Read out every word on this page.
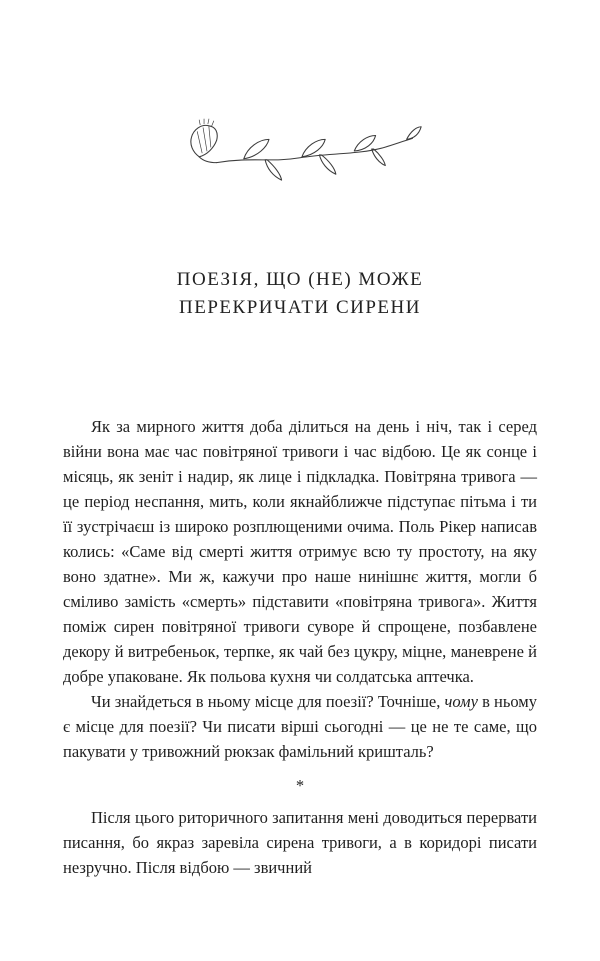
ПОЕЗІЯ, ЩО (НЕ) МОЖЕ
ПЕРЕКРИЧАТИ СИРЕНИ

Як за мирного життя доба ділиться на день і ніч, так і серед війни вона має час повітряної тривоги і час відбою. Це як сонце і місяць, як зеніт і надир, як лице і підкладка. Повітряна тривога — це період неспання, мить, коли якнайближче підступає пітьма і ти її зустрічаєш із широко розплющеними очима. Поль Рікер написав колись: «Саме від смерті життя отримує всю ту простоту, на яку воно здатне». Ми ж, кажучи про наше нинішнє життя, могли б сміливо замість «смерть» підставити «повітряна тривога». Життя поміж сирен повітряної тривоги суворе й спрощене, позбавлене декору й витребеньок, терпке, як чай без цукру, міцне, маневрене й добре упаковане. Як польова кухня чи солдатська аптечка.

Чи знайдеться в ньому місце для поезії? Точніше, чому в ньому є місце для поезії? Чи писати вірші сьогодні — це не те саме, що пакувати у тривожний рюкзак фамільний кришталь?

*

Після цього риторичного запитання мені доводиться перервати писання, бо якраз заревіла сирена тривоги, а в коридорі писати незручно. Після відбою — звичний
